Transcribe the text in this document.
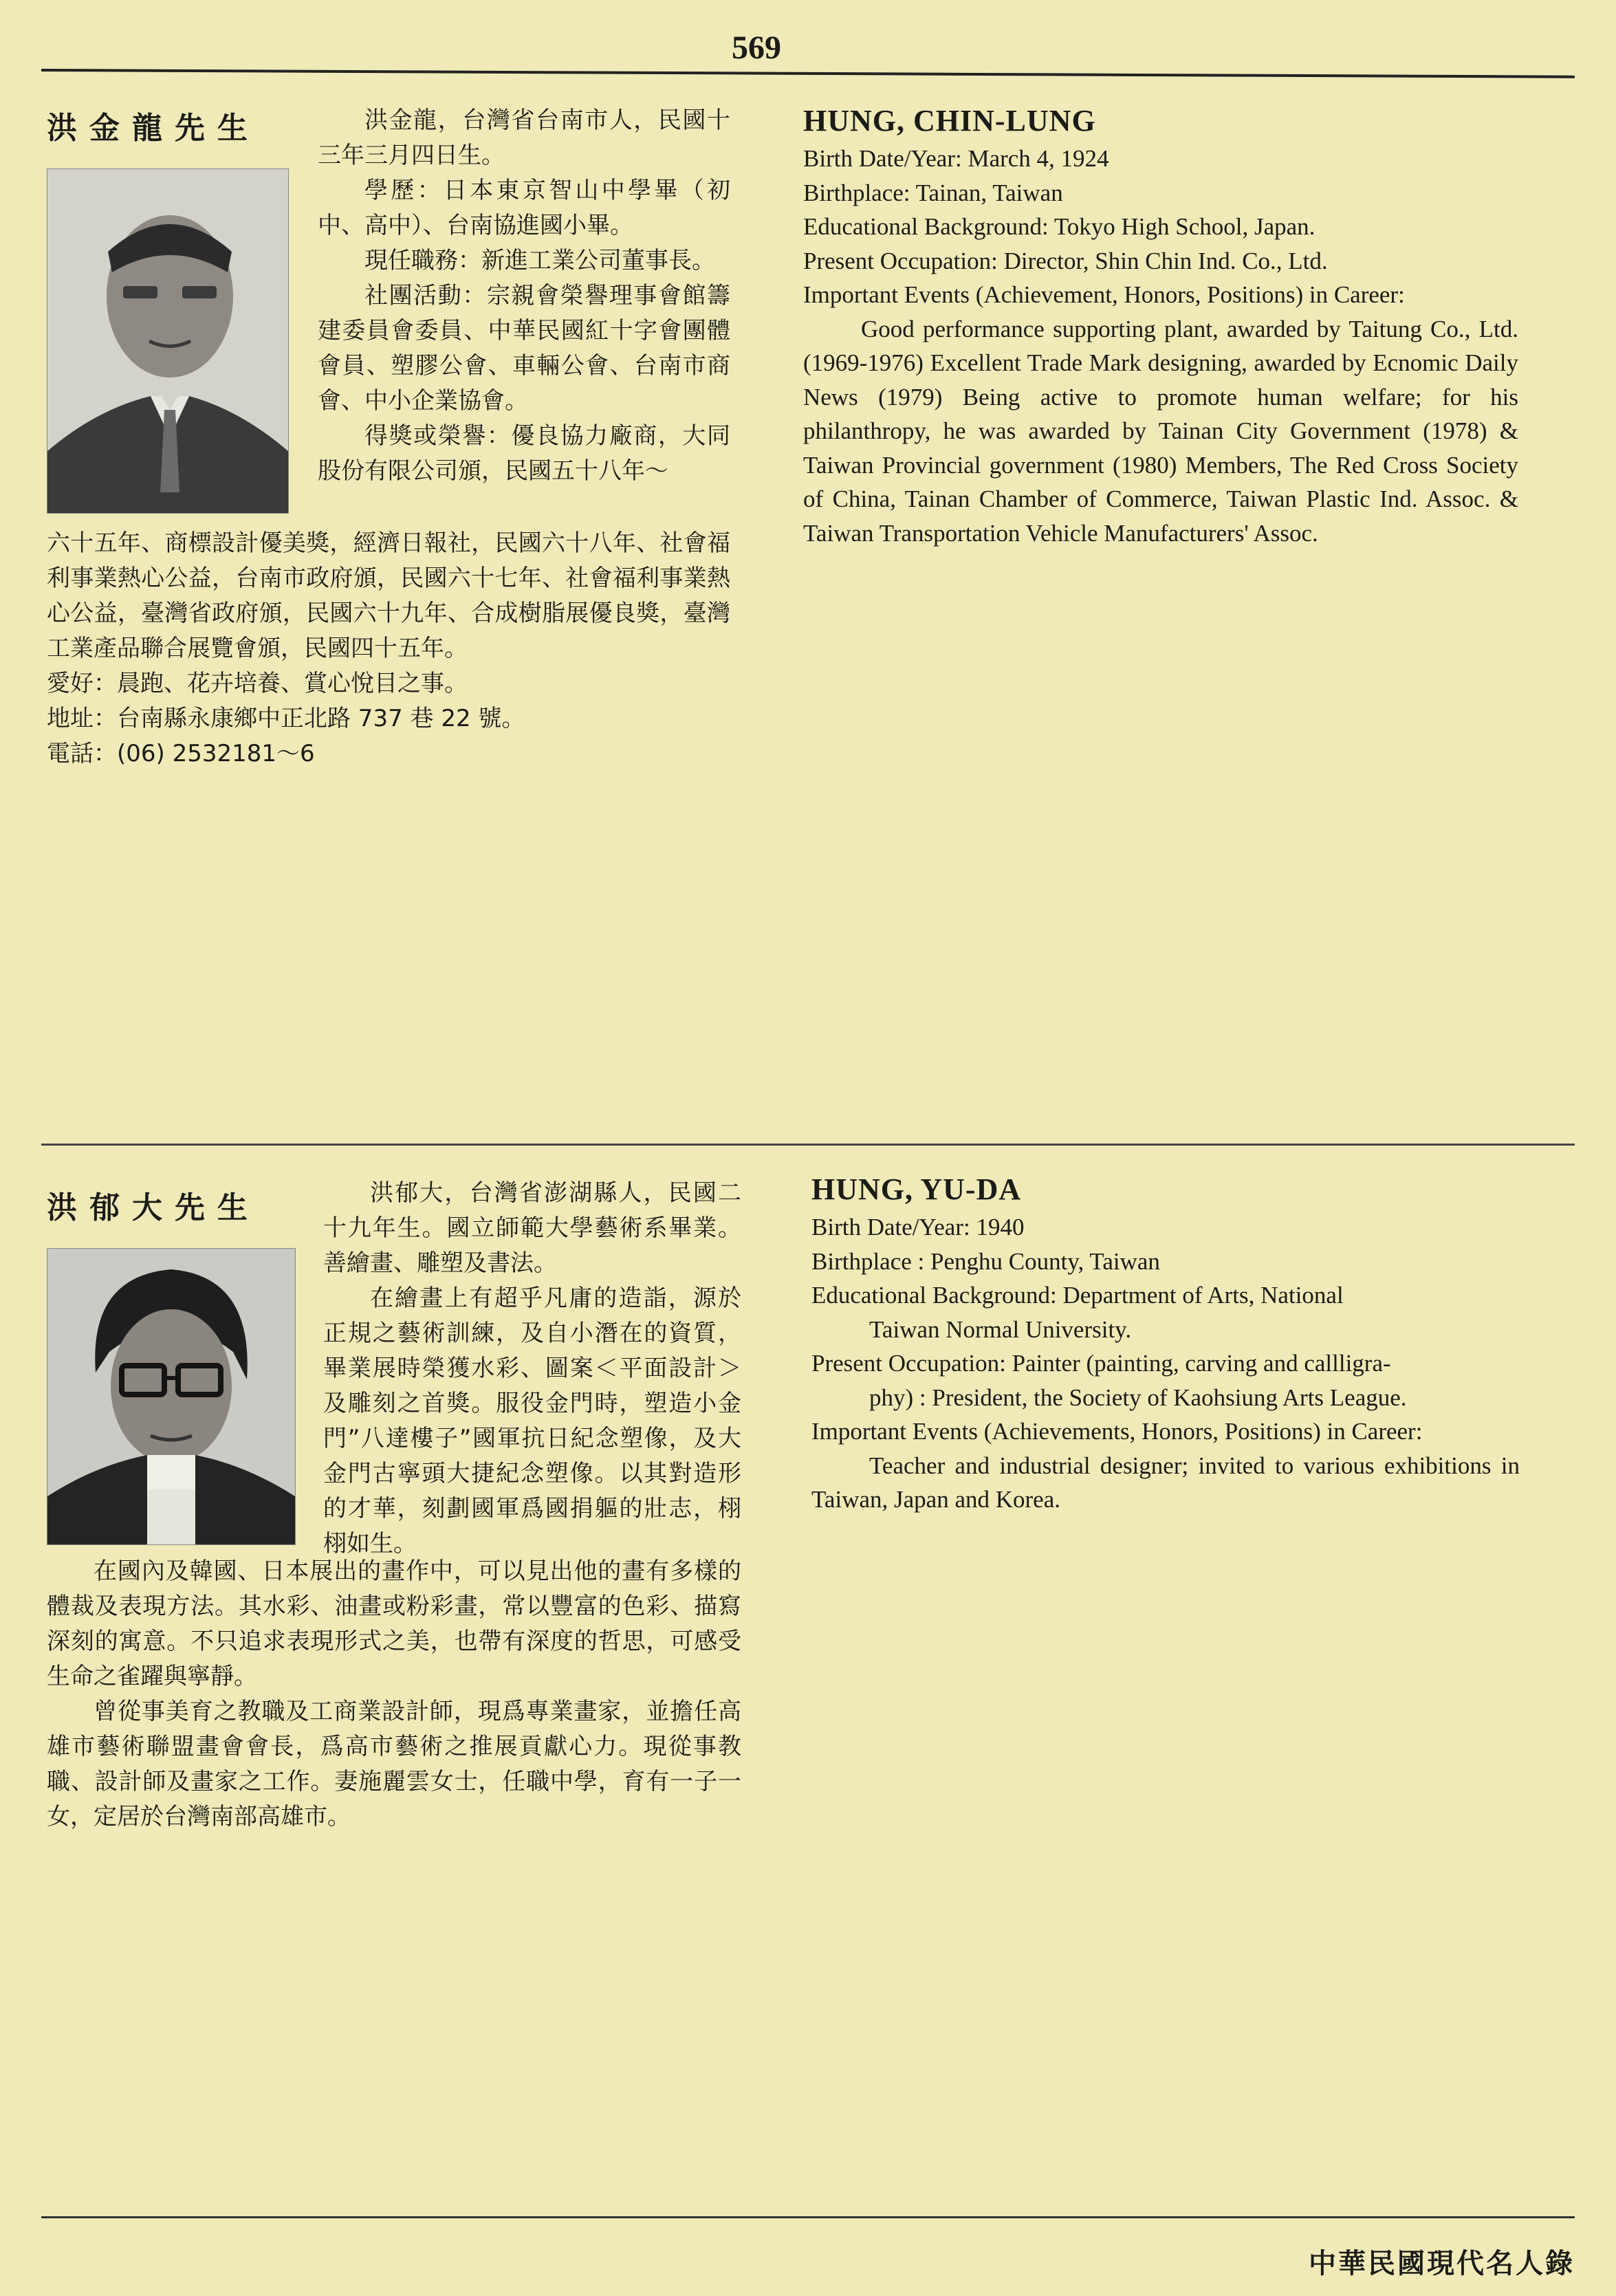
569
洪金龍先生	洪金龍，台灣省台南市人，民國十三年三月四日生。
學歷：日本東京智山中學畢（初中、高中）、台南協進國小畢。
現任職務：新進工業公司董事長。
社團活動：宗親會榮譽理事會館籌建委員會委員、中華民國紅十字會團體會員、塑膠公會、車輛公會、台南市商會、中小企業協會。
得獎或榮譽：優良協力廠商，大同股份有限公司頒，民國五十八年～
六十五年、商標設計優美獎，經濟日報社，民國六十八年、社會福利事業熱心公益，台南市政府頒，民國六十七年、社會福利事業熱心公益，臺灣省政府頒，民國六十九年、合成樹脂展優良獎，臺灣工業產品聯合展覽會頒，民國四十五年。
愛好：晨跑、花卉培養、賞心悅目之事。
地址：台南縣永康鄉中正北路 737 巷 22 號。
電話：(06) 2532181～6
HUNG, CHIN-LUNG
Birth Date/Year: March 4, 1924
Birthplace: Tainan, Taiwan
Educational Background: Tokyo High School, Japan.
Present Occupation: Director, Shin Chin Ind. Co., Ltd.
Important Events (Achievement, Honors, Positions) in Career:
Good performance supporting plant, awarded by Taitung Co., Ltd. (1969-1976) Excellent Trade Mark designing, awarded by Ecnomic Daily News (1979) Being active to promote human welfare; for his philanthropy, he was awarded by Tainan City Government (1978) & Taiwan Provincial government (1980) Members, The Red Cross Society of China, Tainan Chamber of Commerce, Taiwan Plastic Ind. Assoc. & Taiwan Transportation Vehicle Manufacturers' Assoc.
洪郁大先生	洪郁大，台灣省澎湖縣人，民國二十九年生。國立師範大學藝術系畢業。善繪畫、雕塑及書法。
在繪畫上有超乎凡庸的造詣，源於正規之藝術訓練，及自小潛在的資質，畢業展時榮獲水彩、圖案＜平面設計＞及雕刻之首獎。服役金門時，塑造小金門”八達樓子”國軍抗日紀念塑像，及大金門古寧頭大捷紀念塑像。以其對造形的才華，刻劃國軍爲國捐軀的壯志，栩栩如生。
在國內及韓國、日本展出的畫作中，可以見出他的畫有多樣的體裁及表現方法。其水彩、油畫或粉彩畫，常以豐富的色彩、描寫深刻的寓意。不只追求表現形式之美，也帶有深度的哲思，可感受生命之雀躍與寧靜。
曾從事美育之教職及工商業設計師，現爲專業畫家，並擔任高雄市藝術聯盟畫會會長，爲高市藝術之推展貢獻心力。現從事教職、設計師及畫家之工作。妻施麗雲女士，任職中學，育有一子一女，定居於台灣南部高雄市。
HUNG, YU-DA
Birth Date/Year: 1940
Birthplace : Penghu County, Taiwan
Educational Background: Department of Arts, National
Taiwan Normal University.
Present Occupation: Painter (painting, carving and callligra-
phy) : President, the Society of Kaohsiung Arts League.
Important Events (Achievements, Honors, Positions) in Career:
Teacher and industrial designer; invited to various exhibitions in Taiwan, Japan and Korea.
中華民國現代名人錄
